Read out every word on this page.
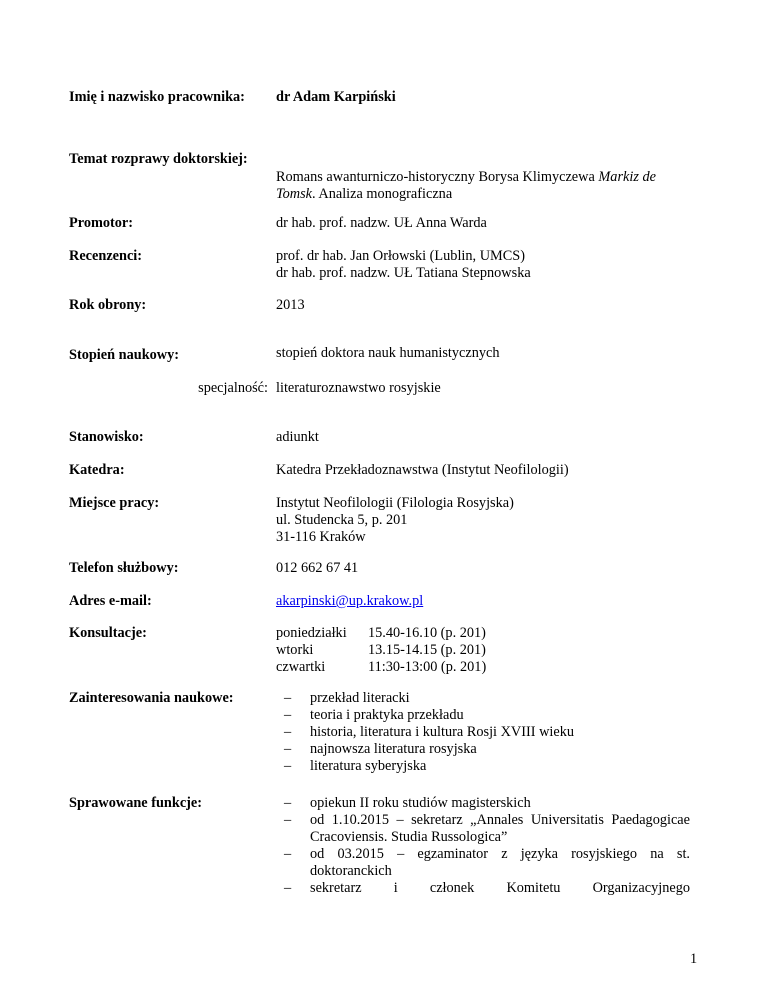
Imię i nazwisko pracownika: dr Adam Karpiński
Temat rozprawy doktorskiej:
Romans awanturniczo-historyczny Borysa Klimyczewa Markiz de
Tomsk. Analiza monograficzna
Promotor:	dr hab. prof. nadzw. UŁ Anna Warda
Recenzenci:	prof. dr hab. Jan Orłowski (Lublin, UMCS)
dr hab. prof. nadzw. UŁ Tatiana Stepnowska
Rok obrony:	2013
Stopień naukowy:	stopień doktora nauk humanistycznych
specjalność: literaturoznawstwo rosyjskie
Stanowisko:	adiunkt
Katedra:	Katedra Przekładoznawstwa (Instytut Neofilologii)
Miejsce pracy:	Instytut Neofilologii (Filologia Rosyjska)
ul. Studencka 5, p. 201
31-116 Kraków
Telefon służbowy:	012 662 67 41
Adres e-mail:	akarpinski@up.krakow.pl
Konsultacje:	poniedziałki	15.40-16.10 (p. 201)
wtorki	13.15-14.15 (p. 201)
czwartki	11:30-13:00 (p. 201)
Zainteresowania naukowe:	– przekład literacki
– teoria i praktyka przekładu
– historia, literatura i kultura Rosji XVIII wieku
– najnowsza literatura rosyjska
– literatura syberyjska
Sprawowane funkcje:	– opiekun II roku studiów magisterskich
– od 1.10.2015 – sekretarz „Annales Universitatis Paedagogicae Cracoviensis. Studia Russologica”
– od 03.2015 – egzaminator z języka rosyjskiego na st. doktoranckich
– sekretarz i członek Komitetu Organizacyjnego
1
